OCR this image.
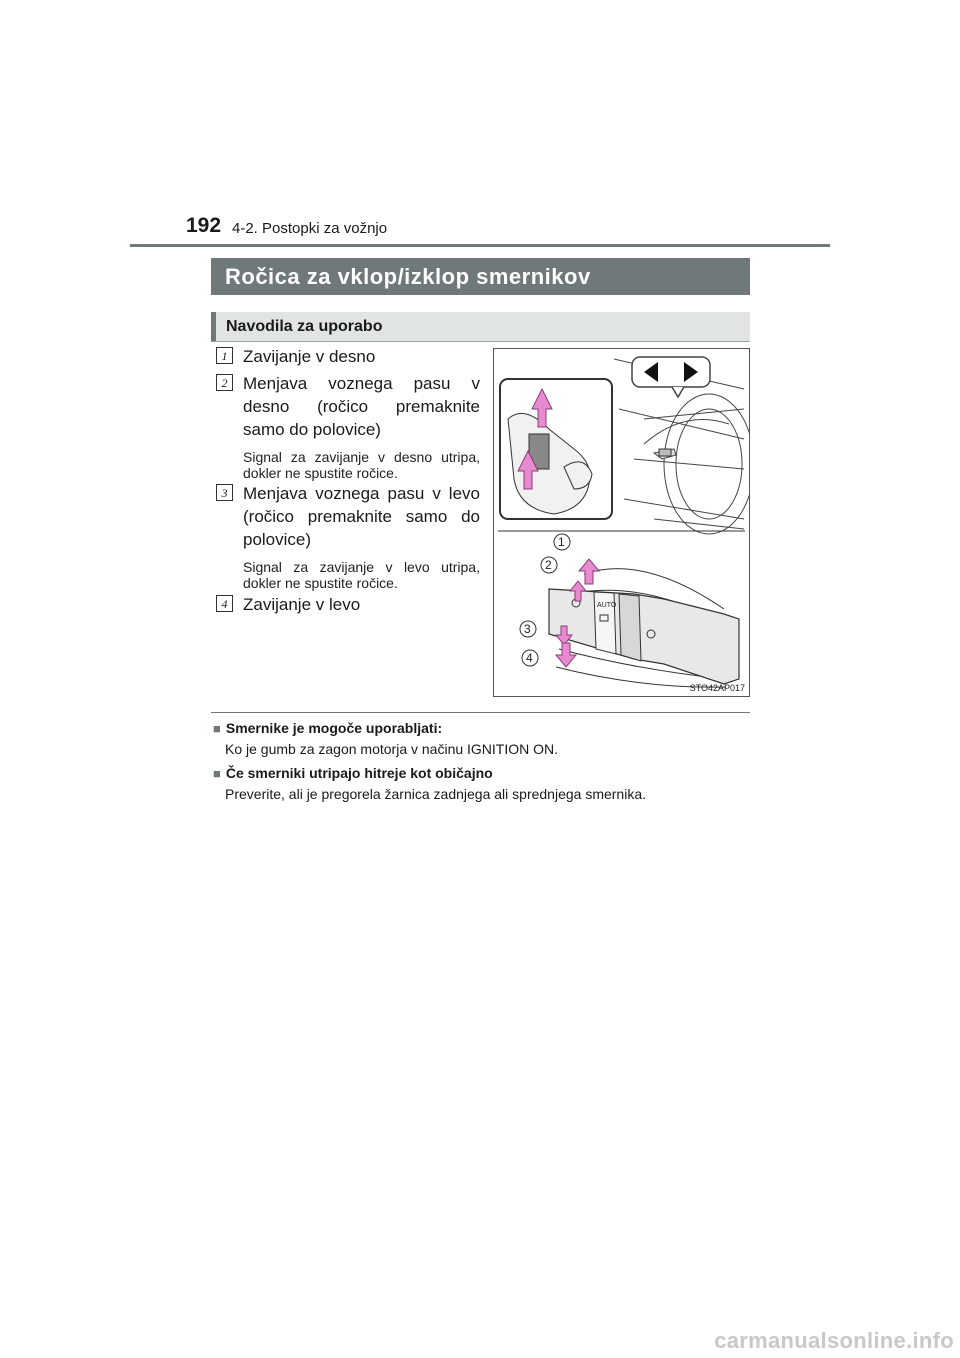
192 4-2. Postopki za vožnjo
Ročica za vklop/izklop smernikov
Navodila za uporabo
1 Zavijanje v desno
2 Menjava voznega pasu v desno (ročico premaknite samo do polovice)
Signal za zavijanje v desno utripa, dokler ne spustite ročice.
3 Menjava voznega pasu v levo (ročico premaknite samo do polovice)
Signal za zavijanje v levo utripa, dokler ne spustite ročice.
4 Zavijanje v levo	AUTO
1
2
3
4
STO42AP017
■ Smernike je mogoče uporabljati:
Ko je gumb za zagon motorja v načinu IGNITION ON.
■ Če smerniki utripajo hitreje kot običajno
Preverite, ali je pregorela žarnica zadnjega ali sprednjega smernika.
carmanualsonline.info
